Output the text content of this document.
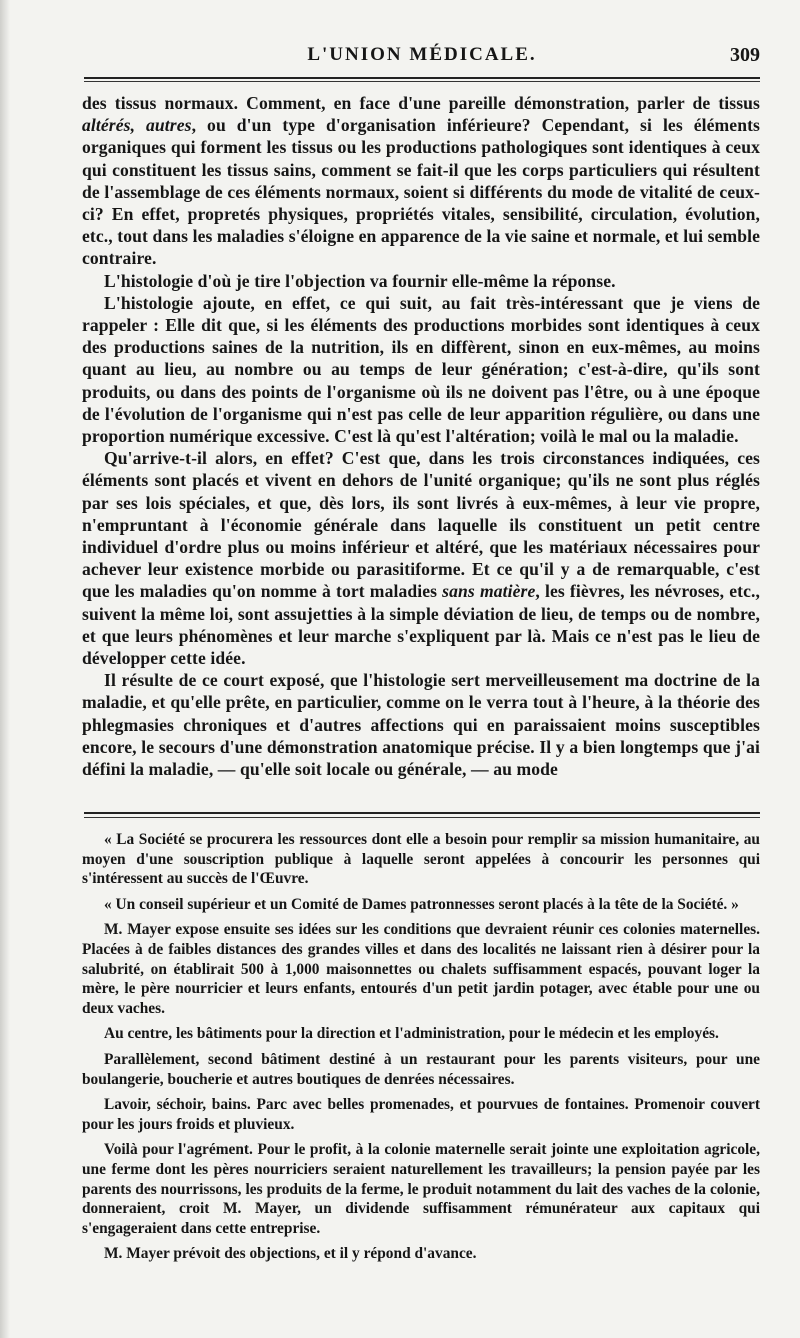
L'UNION MÉDICALE.	309

des tissus normaux. Comment, en face d'une pareille démonstration, parler de tissus altérés, autres, ou d'un type d'organisation inférieure? Cependant, si les éléments organiques qui forment les tissus ou les productions pathologiques sont identiques à ceux qui constituent les tissus sains, comment se fait-il que les corps particuliers qui résultent de l'assemblage de ces éléments normaux, soient si différents du mode de vitalité de ceux-ci? En effet, propretés physiques, propriétés vitales, sensibilité, circulation, évolution, etc., tout dans les maladies s'éloigne en apparence de la vie saine et normale, et lui semble contraire.

L'histologie d'où je tire l'objection va fournir elle-même la réponse.

L'histologie ajoute, en effet, ce qui suit, au fait très-intéressant que je viens de rappeler : Elle dit que, si les éléments des productions morbides sont identiques à ceux des productions saines de la nutrition, ils en diffèrent, sinon en eux-mêmes, au moins quant au lieu, au nombre ou au temps de leur génération; c'est-à-dire, qu'ils sont produits, ou dans des points de l'organisme où ils ne doivent pas l'être, ou à une époque de l'évolution de l'organisme qui n'est pas celle de leur apparition régulière, ou dans une proportion numérique excessive. C'est là qu'est l'altération; voilà le mal ou la maladie.

Qu'arrive-t-il alors, en effet? C'est que, dans les trois circonstances indiquées, ces éléments sont placés et vivent en dehors de l'unité organique; qu'ils ne sont plus réglés par ses lois spéciales, et que, dès lors, ils sont livrés à eux-mêmes, à leur vie propre, n'empruntant à l'économie générale dans laquelle ils constituent un petit centre individuel d'ordre plus ou moins inférieur et altéré, que les matériaux nécessaires pour achever leur existence morbide ou parasitiforme. Et ce qu'il y a de remarquable, c'est que les maladies qu'on nomme à tort maladies sans matière, les fièvres, les névroses, etc., suivent la même loi, sont assujetties à la simple déviation de lieu, de temps ou de nombre, et que leurs phénomènes et leur marche s'expliquent par là. Mais ce n'est pas le lieu de développer cette idée.

Il résulte de ce court exposé, que l'histologie sert merveilleusement ma doctrine de la maladie, et qu'elle prête, en particulier, comme on le verra tout à l'heure, à la théorie des phlegmasies chroniques et d'autres affections qui en paraissaient moins susceptibles encore, le secours d'une démonstration anatomique précise. Il y a bien longtemps que j'ai défini la maladie, — qu'elle soit locale ou générale, — au mode

« La Société se procurera les ressources dont elle a besoin pour remplir sa mission humanitaire, au moyen d'une souscription publique à laquelle seront appelées à concourir les personnes qui s'intéressent au succès de l'Œuvre.

« Un conseil supérieur et un Comité de Dames patronnesses seront placés à la tête de la Société. »

M. Mayer expose ensuite ses idées sur les conditions que devraient réunir ces colonies maternelles. Placées à de faibles distances des grandes villes et dans des localités ne laissant rien à désirer pour la salubrité, on établirait 500 à 1,000 maisonnettes ou chalets suffisamment espacés, pouvant loger la mère, le père nourricier et leurs enfants, entourés d'un petit jardin potager, avec étable pour une ou deux vaches.

Au centre, les bâtiments pour la direction et l'administration, pour le médecin et les employés.

Parallèlement, second bâtiment destiné à un restaurant pour les parents visiteurs, pour une boulangerie, boucherie et autres boutiques de denrées nécessaires.

Lavoir, séchoir, bains. Parc avec belles promenades, et pourvues de fontaines. Promenoir couvert pour les jours froids et pluvieux.

Voilà pour l'agrément. Pour le profit, à la colonie maternelle serait jointe une exploitation agricole, une ferme dont les pères nourriciers seraient naturellement les travailleurs; la pension payée par les parents des nourrissons, les produits de la ferme, le produit notamment du lait des vaches de la colonie, donneraient, croit M. Mayer, un dividende suffisamment rémunérateur aux capitaux qui s'engageraient dans cette entreprise.

M. Mayer prévoit des objections, et il y répond d'avance.
